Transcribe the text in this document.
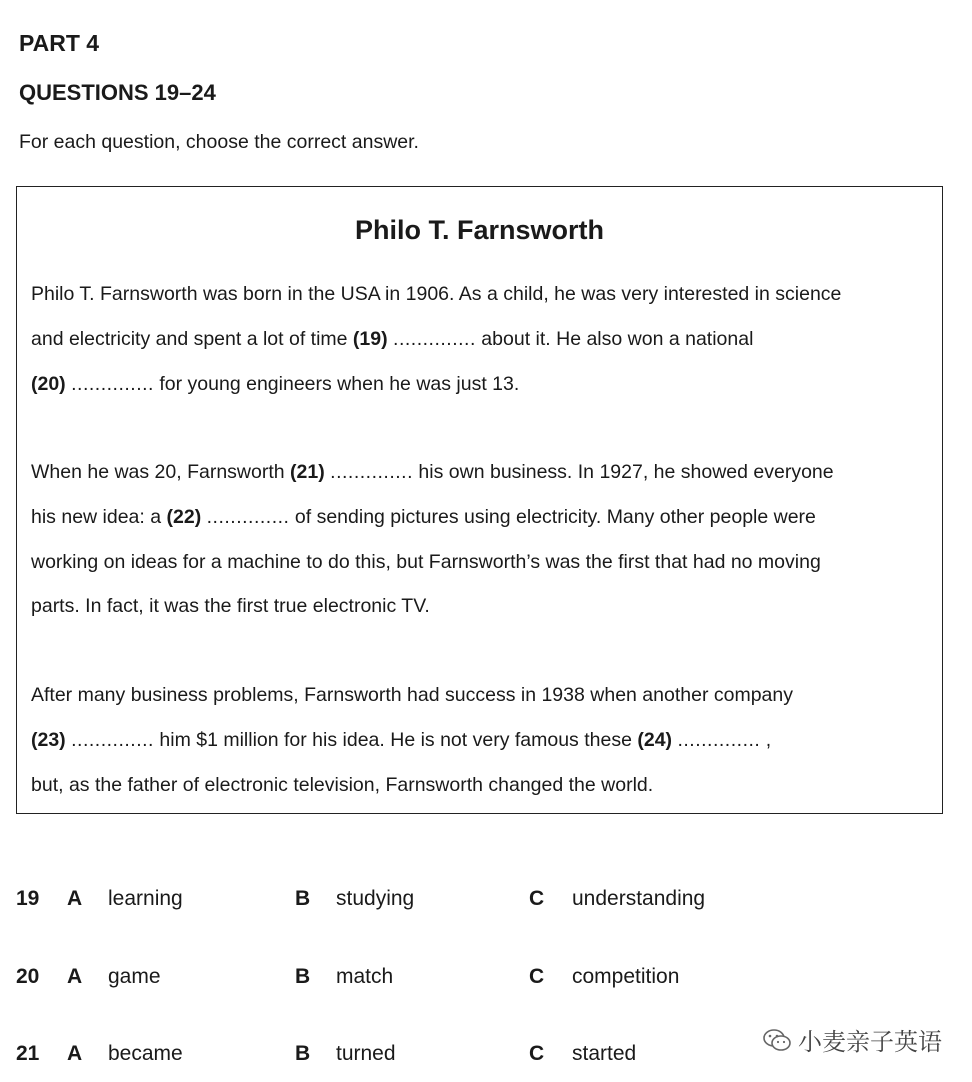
PART 4
QUESTIONS 19–24
For each question, choose the correct answer.
Philo T. Farnsworth
Philo T. Farnsworth was born in the USA in 1906. As a child, he was very interested in science
and electricity and spent a lot of time (19) .............. about it. He also won a national
(20) .............. for young engineers when he was just 13.
When he was 20, Farnsworth (21) .............. his own business. In 1927, he showed everyone
his new idea: a (22) .............. of sending pictures using electricity. Many other people were
working on ideas for a machine to do this, but Farnsworth’s was the first that had no moving
parts. In fact, it was the first true electronic TV.
After many business problems, Farnsworth had success in 1938 when another company
(23) .............. him $1 million for his idea. He is not very famous these (24) .............. ,
but, as the father of electronic television, Farnsworth changed the world.
19 A learning	B studying	C understanding
20 A game	B match	C competition
21 A became	B turned	C started	小麦亲子英语
